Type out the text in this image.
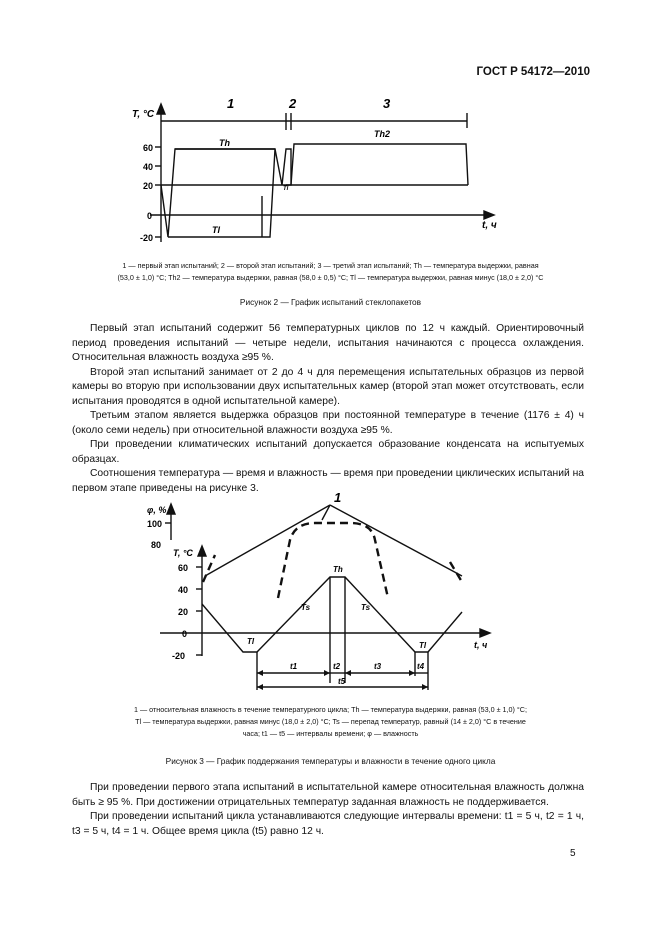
ГОСТ Р 54172—2010
T, °C
t, ч
60
40
20
0
-20
1	2	3
Th
Th2
Tl
Tl
1 — первый этап испытаний; 2 — второй этап испытаний; 3 — третий этап испытаний; Th — температура выдержки, равная
(53,0 ± 1,0) °C; Th2 — температура выдержки, равная (58,0 ± 0,5) °C; Tl — температура выдержки, равная минус (18,0 ± 2,0) °C
Рисунок 2 — График испытаний стеклопакетов

Первый этап испытаний содержит 56 температурных циклов по 12 ч каждый. Ориентировочный период проведения испытаний — четыре недели, испытания начинаются с процесса охлаждения. Относительная влажность воздуха ≥95 %.

Второй этап испытаний занимает от 2 до 4 ч для перемещения испытательных образцов из первой камеры во вторую при использовании двух испытательных камер (второй этап может отсутствовать, если испытания проводятся в одной испытательной камере).

Третьим этапом является выдержка образцов при постоянной температуре в течение (1176 ± 4) ч (около семи недель) при относительной влажности воздуха ≥95 %.

При проведении климатических испытаний допускается образование конденсата на испытуемых образцах.

Соотношения температура — время и влажность — время при проведении циклических испытаний на первом этапе приведены на рисунке 3.

φ, %
100
80
T, °C
60
40
20
0
-20
t, ч
1
Th
Ts	Ts
Tl	Tl
t1	t2	t3	t4
t5
1 — относительная влажность в течение температурного цикла; Th — температура выдержки, равная (53,0 ± 1,0) °C;
Tl — температура выдержки, равная минус (18,0 ± 2,0) °C; Ts — перепад температур, равный (14 ± 2,0) °C в течение
часа; t1 — t5 — интервалы времени; φ — влажность
Рисунок 3 — График поддержания температуры и влажности в течение одного цикла

При проведении первого этапа испытаний в испытательной камере относительная влажность должна быть ≥ 95 %. При достижении отрицательных температур заданная влажность не поддерживается.

При проведении испытаний цикла устанавливаются следующие интервалы времени: t1 = 5 ч, t2 = 1 ч, t3 = 5 ч, t4 = 1 ч. Общее время цикла (t5) равно 12 ч.

5
